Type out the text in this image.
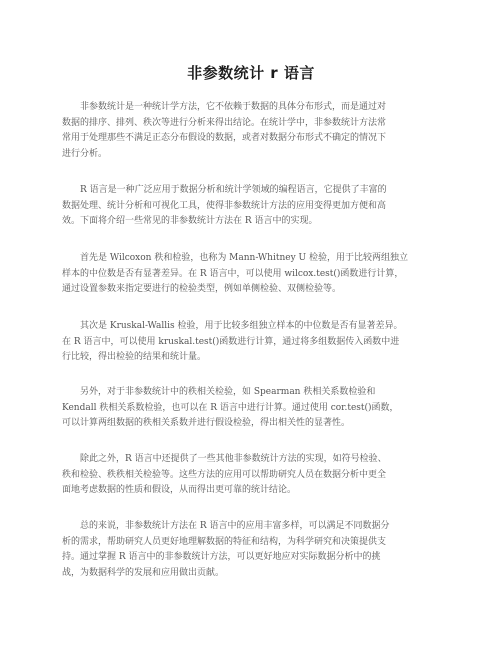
非参数统计 r 语言

非参数统计是一种统计学方法，它不依赖于数据的具体分布形式，而是通过对
数据的排序、排列、秩次等进行分析来得出结论。在统计学中，非参数统计方法常
常用于处理那些不满足正态分布假设的数据，或者对数据分布形式不确定的情况下
进行分析。

R 语言是一种广泛应用于数据分析和统计学领域的编程语言，它提供了丰富的
数据处理、统计分析和可视化工具，使得非参数统计方法的应用变得更加方便和高
效。下面将介绍一些常见的非参数统计方法在 R 语言中的实现。

首先是 Wilcoxon 秩和检验，也称为 Mann-Whitney U 检验，用于比较两组独立
样本的中位数是否有显著差异。在 R 语言中，可以使用 wilcox.test()函数进行计算，
通过设置参数来指定要进行的检验类型，例如单侧检验、双侧检验等。

其次是 Kruskal-Wallis 检验，用于比较多组独立样本的中位数是否有显著差异。
在 R 语言中，可以使用 kruskal.test()函数进行计算，通过将多组数据传入函数中进
行比较，得出检验的结果和统计量。

另外，对于非参数统计中的秩相关检验，如 Spearman 秩相关系数检验和
Kendall 秩相关系数检验，也可以在 R 语言中进行计算。通过使用 cor.test()函数，
可以计算两组数据的秩相关系数并进行假设检验，得出相关性的显著性。

除此之外，R 语言中还提供了一些其他非参数统计方法的实现，如符号检验、
秩和检验、秩秩相关检验等。这些方法的应用可以帮助研究人员在数据分析中更全
面地考虑数据的性质和假设，从而得出更可靠的统计结论。

总的来说，非参数统计方法在 R 语言中的应用丰富多样，可以满足不同数据分
析的需求，帮助研究人员更好地理解数据的特征和结构，为科学研究和决策提供支
持。通过掌握 R 语言中的非参数统计方法，可以更好地应对实际数据分析中的挑
战，为数据科学的发展和应用做出贡献。
